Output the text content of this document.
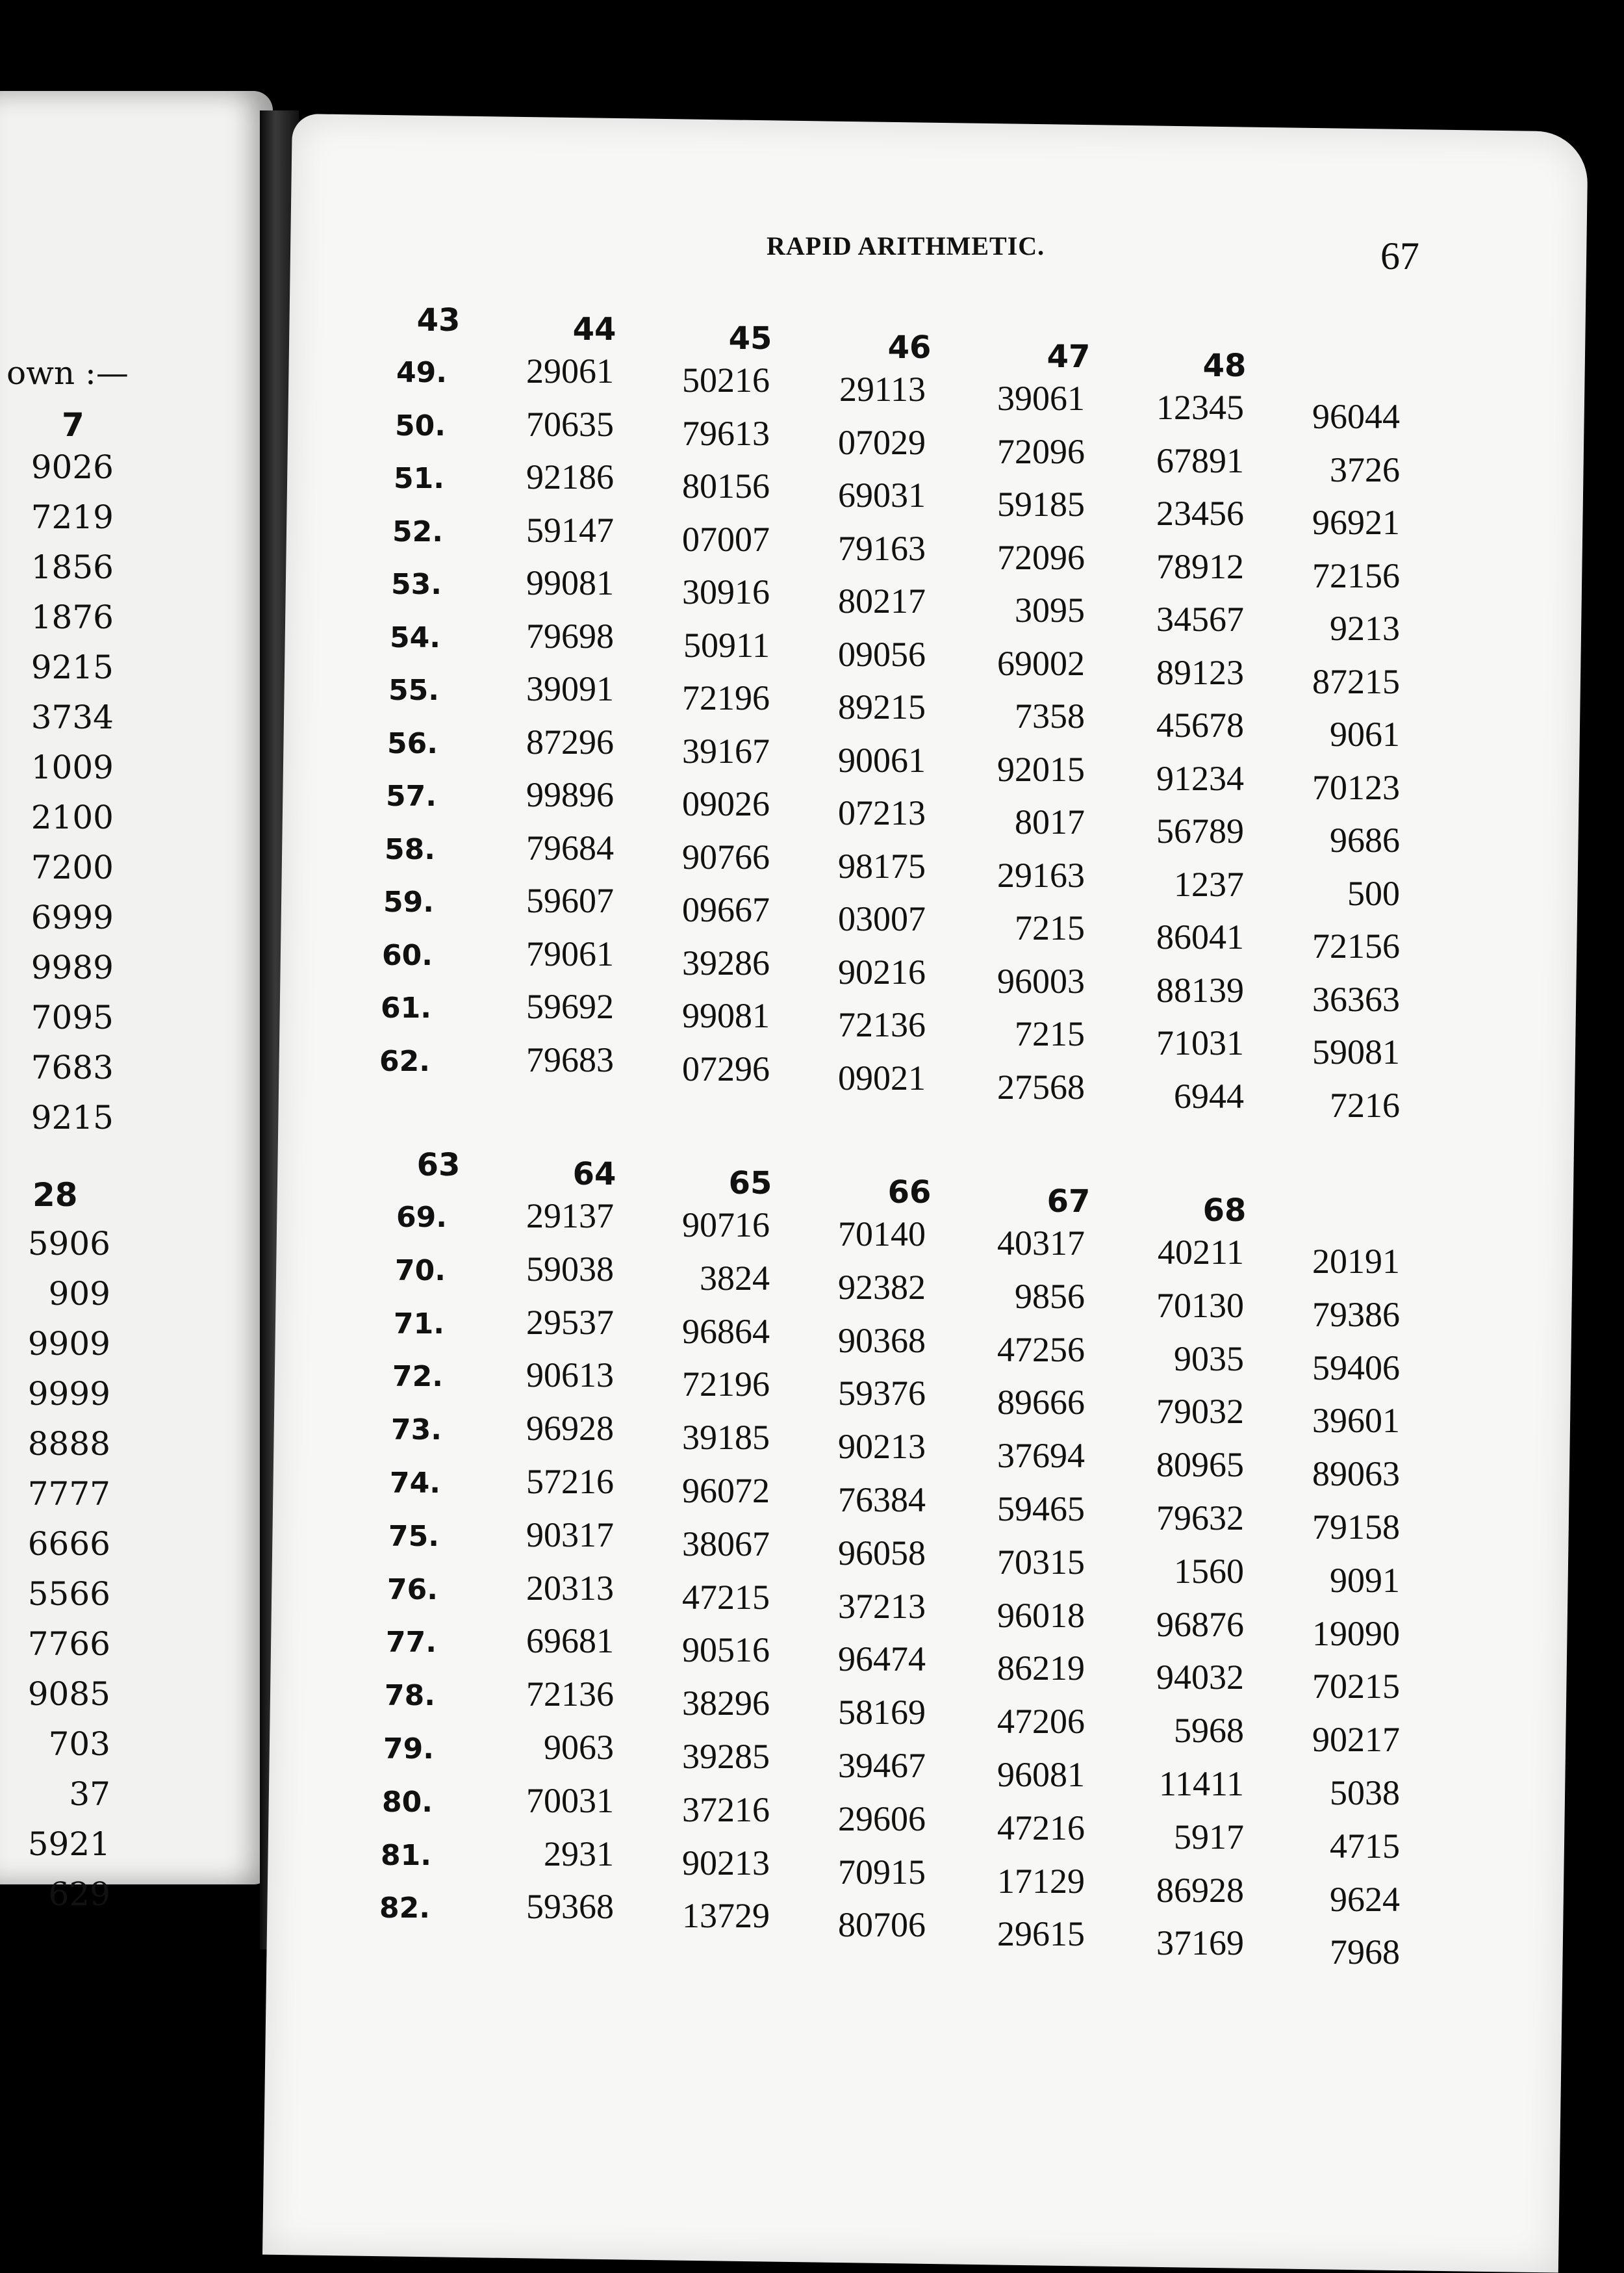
own :—
7
9026
7219
1856
1876
9215
3734
1009
2100
7200
6999
9989
7095
7683
9215
28
5906
909
9909
9999
8888
7777
6666
5566
7766
9085
703
37
5921
629
RAPID ARITHMETIC.	67
43	44	45	46	47	48
49.	29061	50216	29113	39061	12345	96044
50.	70635	79613	07029	72096	67891	3726
51.	92186	80156	69031	59185	23456	96921
52.	59147	07007	79163	72096	78912	72156
53.	99081	30916	80217	3095	34567	9213
54.	79698	50911	09056	69002	89123	87215
55.	39091	72196	89215	7358	45678	9061
56.	87296	39167	90061	92015	91234	70123
57.	99896	09026	07213	8017	56789	9686
58.	79684	90766	98175	29163	1237	500
59.	59607	09667	03007	7215	86041	72156
60.	79061	39286	90216	96003	88139	36363
61.	59692	99081	72136	7215	71031	59081
62.	79683	07296	09021	27568	6944	7216
63	64	65	66	67	68
69.	29137	90716	70140	40317	40211	20191
70.	59038	3824	92382	9856	70130	79386
71.	29537	96864	90368	47256	9035	59406
72.	90613	72196	59376	89666	79032	39601
73.	96928	39185	90213	37694	80965	89063
74.	57216	96072	76384	59465	79632	79158
75.	90317	38067	96058	70315	1560	9091
76.	20313	47215	37213	96018	96876	19090
77.	69681	90516	96474	86219	94032	70215
78.	72136	38296	58169	47206	5968	90217
79.	9063	39285	39467	96081	11411	5038
80.	70031	37216	29606	47216	5917	4715
81.	2931	90213	70915	17129	86928	9624
82.	59368	13729	80706	29615	37169	7968
